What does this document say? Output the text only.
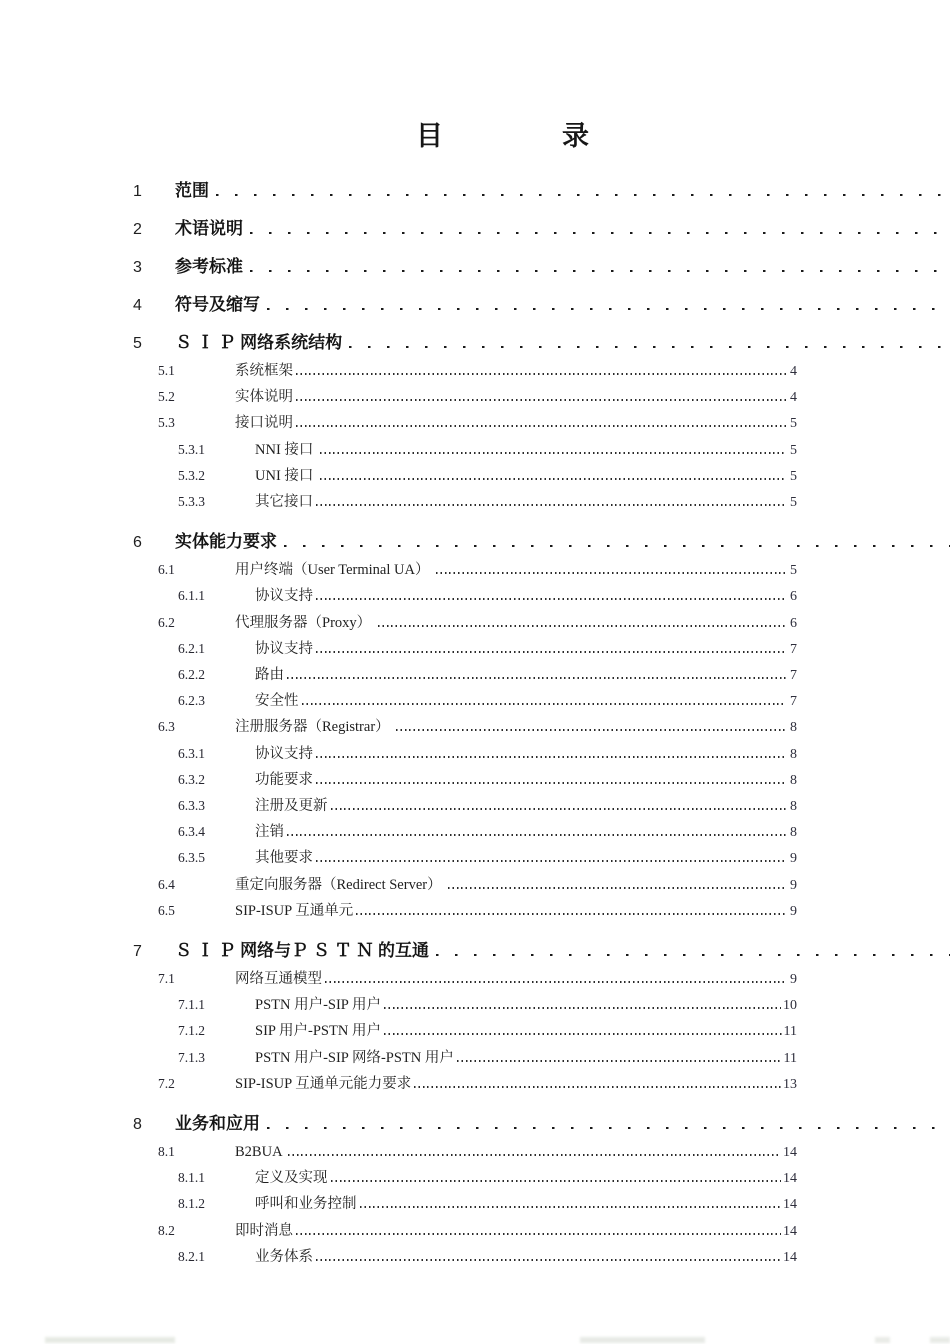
目	录
1	范围
2	术语说明
3	参考标准
4	符号及缩写
5	Ｓ Ｉ Ｐ 网络系统结构
5.1	系统框架	4
5.2	实体说明	4
5.3	接口说明	5
5.3.1	NNI 接口	5
5.3.2	UNI 接口	5
5.3.3	其它接口	5
6	实体能力要求
6.1	用户终端（User Terminal UA）	5
6.1.1	协议支持	6
6.2	代理服务器（Proxy）	6
6.2.1	协议支持	7
6.2.2	路由	7
6.2.3	安全性	7
6.3	注册服务器（Registrar）	8
6.3.1	协议支持	8
6.3.2	功能要求	8
6.3.3	注册及更新	8
6.3.4	注销	8
6.3.5	其他要求	9
6.4	重定向服务器（Redirect Server）	9
6.5	SIP-ISUP 互通单元	9
7	Ｓ Ｉ Ｐ 网络与Ｐ Ｓ Ｔ Ｎ 的互通
7.1	网络互通模型	9
7.1.1	PSTN 用户-SIP 用户	10
7.1.2	SIP 用户-PSTN 用户	11
7.1.3	PSTN 用户-SIP 网络-PSTN 用户	11
7.2	SIP-ISUP 互通单元能力要求	13
8	业务和应用
8.1	B2BUA	14
8.1.1	定义及实现	14
8.1.2	呼叫和业务控制	14
8.2	即时消息	14
8.2.1	业务体系	14
